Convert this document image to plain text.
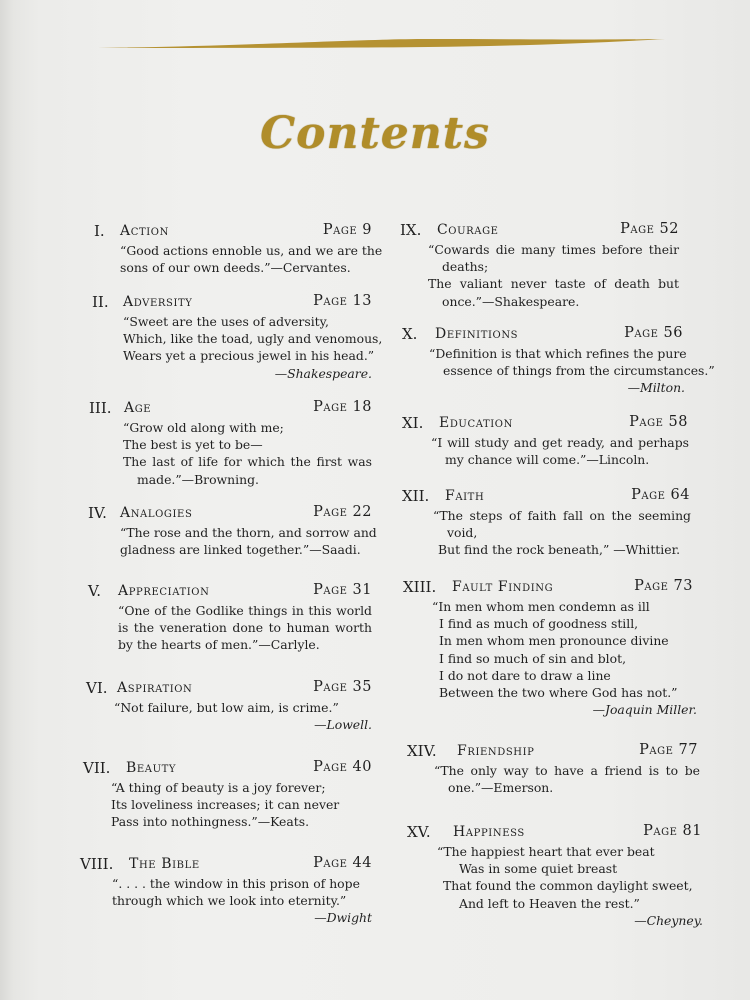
Contents
I. Action	Page 9
“Good actions ennoble us, and we are the
sons of our own deeds.”—Cervantes.
II. Adversity	Page 13
“Sweet are the uses of adversity,
Which, like the toad, ugly and venomous,
Wears yet a precious jewel in his head.”
—Shakespeare.
III. Age	Page 18
“Grow old along with me;
The best is yet to be—
The last of life for which the first was
made.”—Browning.
IV. Analogies	Page 22
“The rose and the thorn, and sorrow and
gladness are linked together.”—Saadi.
V. Appreciation	Page 31
“One of the Godlike things in this world
is the veneration done to human worth
by the hearts of men.”—Carlyle.
VI. Aspiration	Page 35
“Not failure, but low aim, is crime.”
—Lowell.
VII. Beauty	Page 40
“A thing of beauty is a joy forever;
Its loveliness increases; it can never
Pass into nothingness.”—Keats.
VIII. The Bible	Page 44
“. . . . the window in this prison of hope
through which we look into eternity.”
—Dwight
IX. Courage	Page 52
“Cowards die many times before their
deaths;
The valiant never taste of death but
once.”—Shakespeare.
X. Definitions	Page 56
“Definition is that which refines the pure
essence of things from the circumstances.”
—Milton.
XI. Education	Page 58
“I will study and get ready, and perhaps
my chance will come.”—Lincoln.
XII. Faith	Page 64
“The steps of faith fall on the seeming
void,
But find the rock beneath,” —Whittier.
XIII. Fault Finding	Page 73
“In men whom men condemn as ill
I find as much of goodness still,
In men whom men pronounce divine
I find so much of sin and blot,
I do not dare to draw a line
Between the two where God has not.”
—Joaquin Miller.
XIV. Friendship	Page 77
“The only way to have a friend is to be
one.”—Emerson.
XV. Happiness	Page 81
“The happiest heart that ever beat
Was in some quiet breast
That found the common daylight sweet,
And left to Heaven the rest.”
—Cheyney.
